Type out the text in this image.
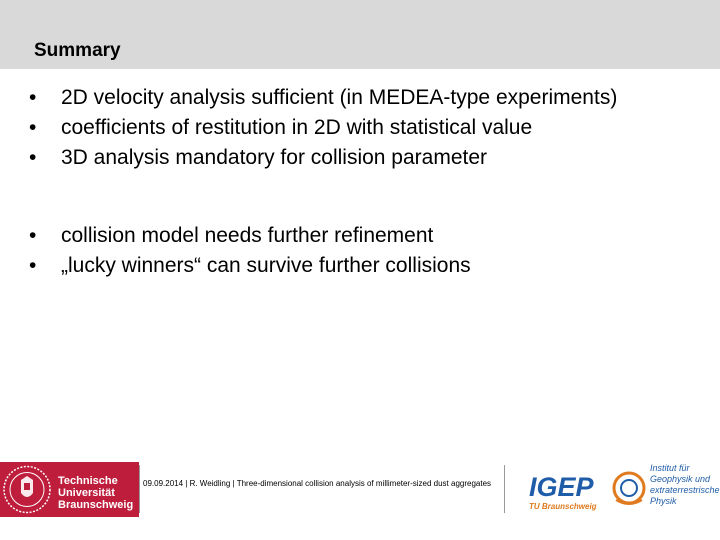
Summary
• 2D velocity analysis sufficient (in MEDEA-type experiments)
• coefficients of restitution in 2D with statistical value
• 3D analysis mandatory for collision parameter
• collision model needs further refinement
• „lucky winners“ can survive further collisions
Technische
Universität
Braunschweig
09.09.2014 | R. Weidling | Three-dimensional collision analysis of millimeter-sized dust aggregates IGEP
TU Braunschweig
Institut für
Geophysik und
extraterrestrische
Physik
